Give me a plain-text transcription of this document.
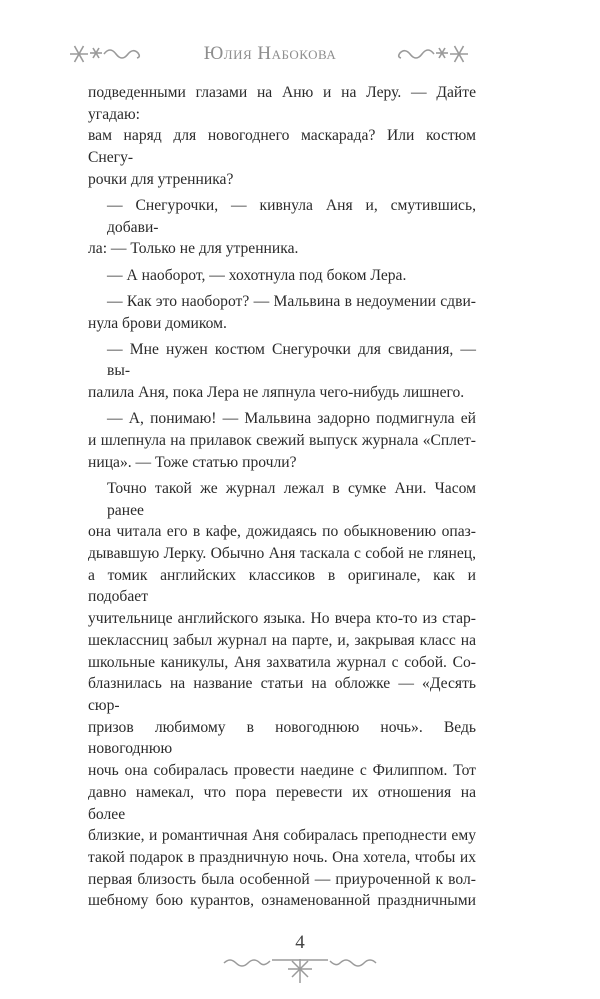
Юлия Набокова
подведенными глазами на Аню и на Леру. — Дайте угадаю:
вам наряд для новогоднего маскарада? Или костюм Снегу-
рочки для утренника?
— Снегурочки, — кивнула Аня и, смутившись, добави-
ла: — Только не для утренника.
— А наоборот, — хохотнула под боком Лера.
— Как это наоборот? — Мальвина в недоумении сдви-
нула брови домиком.
— Мне нужен костюм Снегурочки для свидания, — вы-
палила Аня, пока Лера не ляпнула чего-нибудь лишнего.
— А, понимаю! — Мальвина задорно подмигнула ей
и шлепнула на прилавок свежий выпуск журнала «Сплет-
ница». — Тоже статью прочли?
Точно такой же журнал лежал в сумке Ани. Часом ранее
она читала его в кафе, дожидаясь по обыкновению опаз-
дывавшую Лерку. Обычно Аня таскала с собой не глянец,
а томик английских классиков в оригинале, как и подобает
учительнице английского языка. Но вчера кто-то из стар-
шеклассниц забыл журнал на парте, и, закрывая класс на
школьные каникулы, Аня захватила журнал с собой. Со-
блазнилась на название статьи на обложке — «Десять сюр-
призов любимому в новогоднюю ночь». Ведь новогоднюю
ночь она собиралась провести наедине с Филиппом. Тот
давно намекал, что пора перевести их отношения на более
близкие, и романтичная Аня собиралась преподнести ему
такой подарок в праздничную ночь. Она хотела, чтобы их
первая близость была особенной — приуроченной к вол-
шебному бою курантов, ознаменованной праздничными
4
